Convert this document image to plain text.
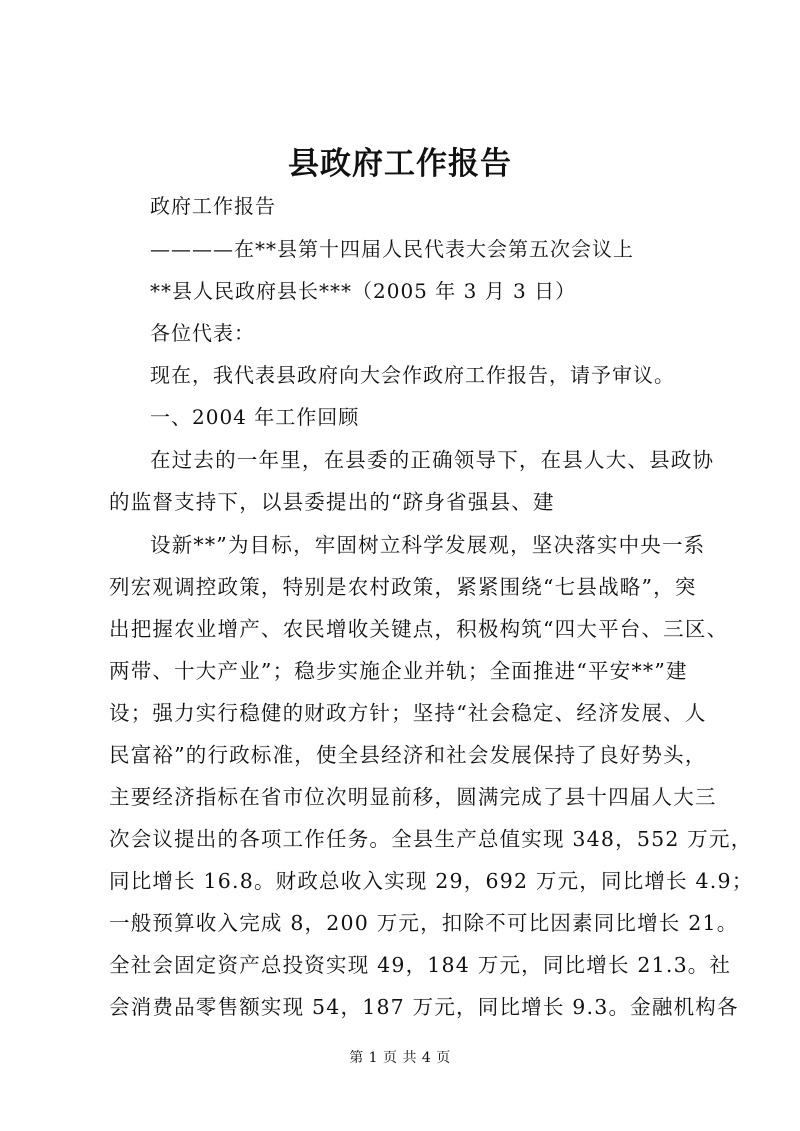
县政府工作报告
政府工作报告
————在**县第十四届人民代表大会第五次会议上
**县人民政府县长***（2005 年 3 月 3 日）
各位代表：
现在，我代表县政府向大会作政府工作报告，请予审议。
一、2004 年工作回顾
在过去的一年里，在县委的正确领导下，在县人大、县政协
的监督支持下，以县委提出的“跻身省强县、建
设新**”为目标，牢固树立科学发展观，坚决落实中央一系
列宏观调控政策，特别是农村政策，紧紧围绕“七县战略”，突
出把握农业增产、农民增收关键点，积极构筑“四大平台、三区、
两带、十大产业”；稳步实施企业并轨；全面推进“平安**”建
设；强力实行稳健的财政方针；坚持“社会稳定、经济发展、人
民富裕”的行政标准，使全县经济和社会发展保持了良好势头，
主要经济指标在省市位次明显前移，圆满完成了县十四届人大三
次会议提出的各项工作任务。全县生产总值实现 348，552 万元，
同比增长 16.8。财政总收入实现 29，692 万元，同比增长 4.9；
一般预算收入完成 8，200 万元，扣除不可比因素同比增长 21。
全社会固定资产总投资实现 49，184 万元，同比增长 21.3。社
会消费品零售额实现 54，187 万元，同比增长 9.3。金融机构各
第 1 页 共 4 页
